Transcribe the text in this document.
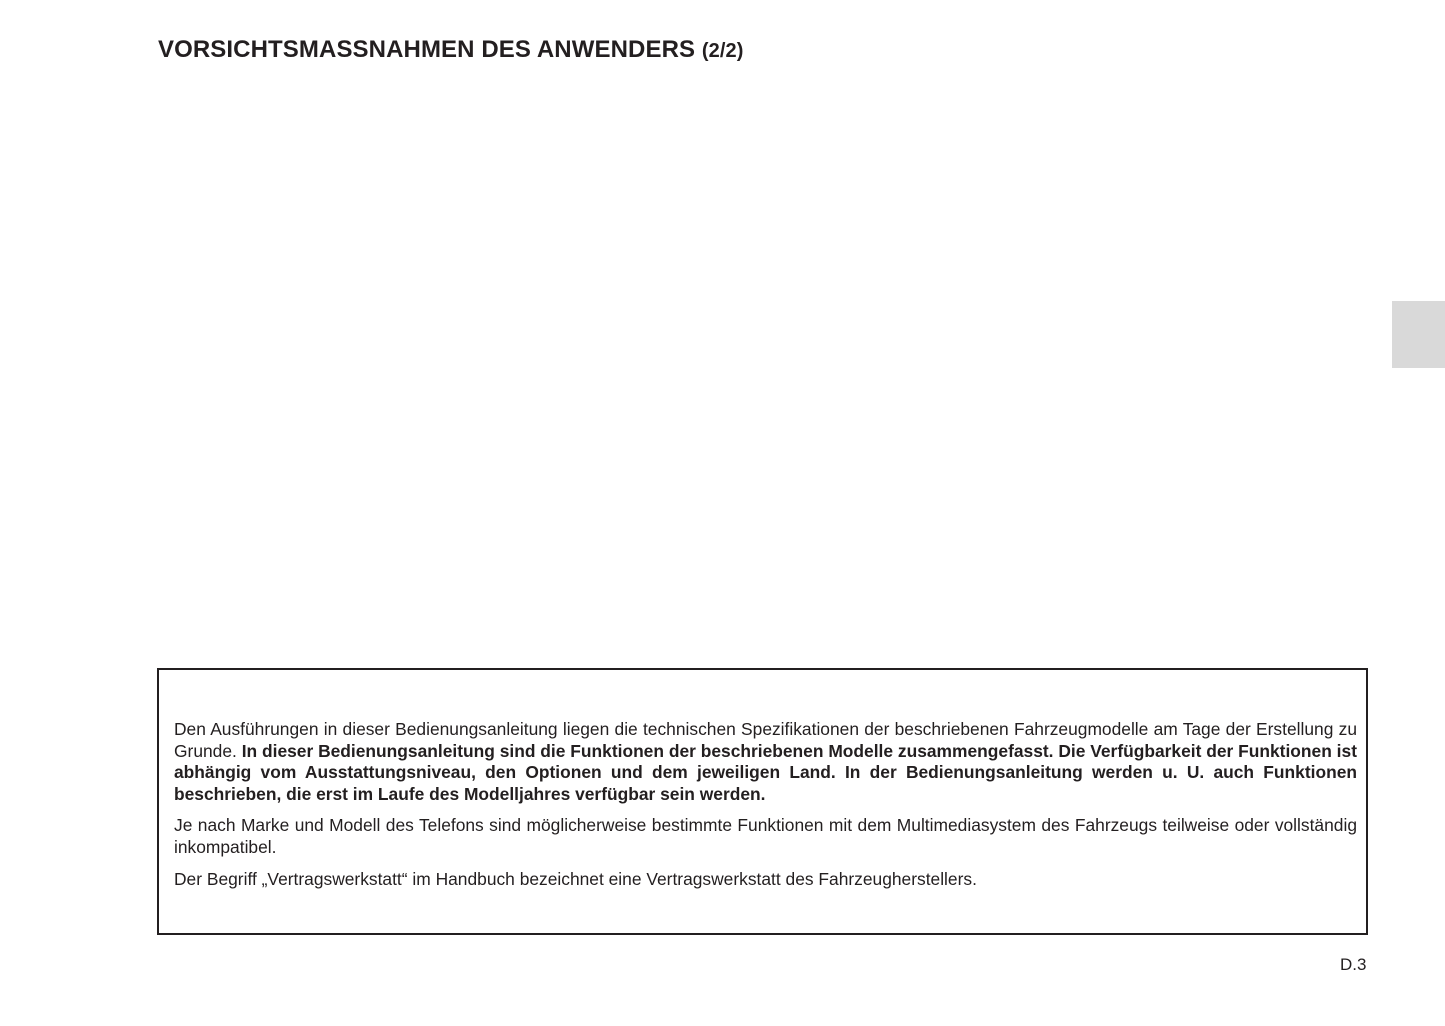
VORSICHTSMASSNAHMEN DES ANWENDERS (2/2)

Den Ausführungen in dieser Bedienungsanleitung liegen die technischen Spezifikationen der beschriebenen Fahrzeugmodelle am Tage der Erstellung zu Grunde. In dieser Bedienungsanleitung sind die Funktionen der beschriebenen Modelle zusammengefasst. Die Verfügbarkeit der Funktionen ist abhängig vom Ausstattungsniveau, den Optionen und dem jeweiligen Land. In der Bedienungsanleitung werden u. U. auch Funktionen beschrieben, die erst im Laufe des Modelljahres verfügbar sein werden.

Je nach Marke und Modell des Telefons sind möglicherweise bestimmte Funktionen mit dem Multimediasystem des Fahrzeugs teilweise oder vollständig inkompatibel.

Der Begriff „Vertragswerkstatt“ im Handbuch bezeichnet eine Vertragswerkstatt des Fahrzeugherstellers.

D.3
